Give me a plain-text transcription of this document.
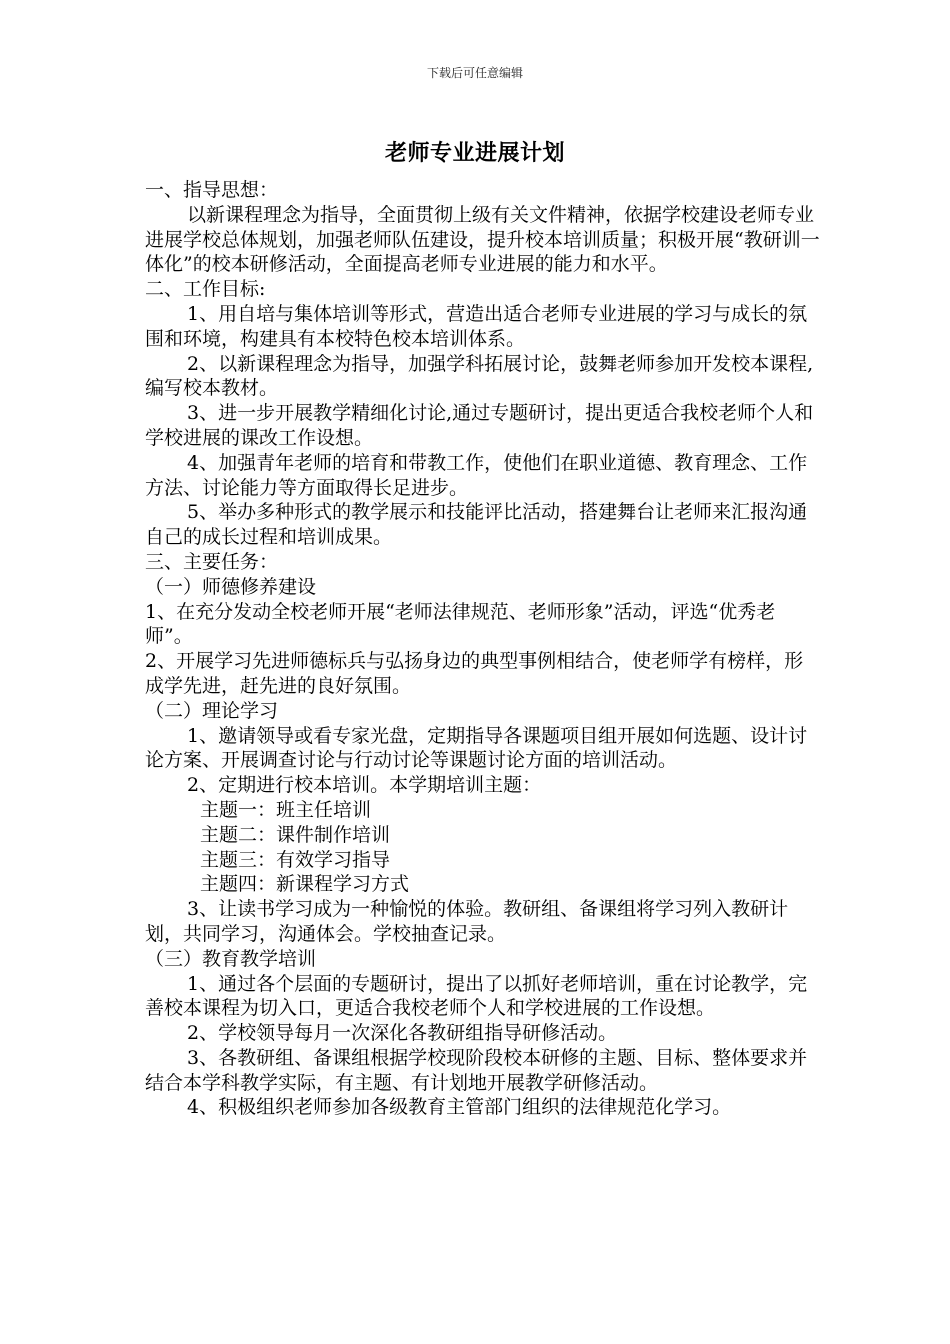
下载后可任意编辑
老师专业进展计划

一、指导思想：

以新课程理念为指导，全面贯彻上级有关文件精神，依据学校建设老师专业进展学校总体规划，加强老师队伍建设，提升校本培训质量；积极开展“教研训一体化”的校本研修活动，全面提高老师专业进展的能力和水平。

二、工作目标:

1、用自培与集体培训等形式，营造出适合老师专业进展的学习与成长的氛围和环境，构建具有本校特色校本培训体系。

2、以新课程理念为指导，加强学科拓展讨论，鼓舞老师参加开发校本课程,编写校本教材。

3、进一步开展教学精细化讨论,通过专题研讨，提出更适合我校老师个人和学校进展的课改工作设想。

4、加强青年老师的培育和带教工作，使他们在职业道德、教育理念、工作方法、讨论能力等方面取得长足进步。

5、举办多种形式的教学展示和技能评比活动，搭建舞台让老师来汇报沟通自己的成长过程和培训成果。

三、主要任务：

（一）师德修养建设

1、在充分发动全校老师开展“老师法律规范、老师形象”活动，评选“优秀老师”。

2、开展学习先进师德标兵与弘扬身边的典型事例相结合，使老师学有榜样，形成学先进，赶先进的良好氛围。

（二）理论学习

1、邀请领导或看专家光盘，定期指导各课题项目组开展如何选题、设计讨论方案、开展调查讨论与行动讨论等课题讨论方面的培训活动。

2、定期进行校本培训。本学期培训主题：

主题一：班主任培训

主题二：课件制作培训

主题三：有效学习指导

主题四：新课程学习方式

3、让读书学习成为一种愉悦的体验。教研组、备课组将学习列入教研计划，共同学习，沟通体会。学校抽查记录。

（三）教育教学培训

1、通过各个层面的专题研讨，提出了以抓好老师培训，重在讨论教学，完善校本课程为切入口，更适合我校老师个人和学校进展的工作设想。

2、学校领导每月一次深化各教研组指导研修活动。

3、各教研组、备课组根据学校现阶段校本研修的主题、目标、整体要求并结合本学科教学实际，有主题、有计划地开展教学研修活动。

4、积极组织老师参加各级教育主管部门组织的法律规范化学习。
